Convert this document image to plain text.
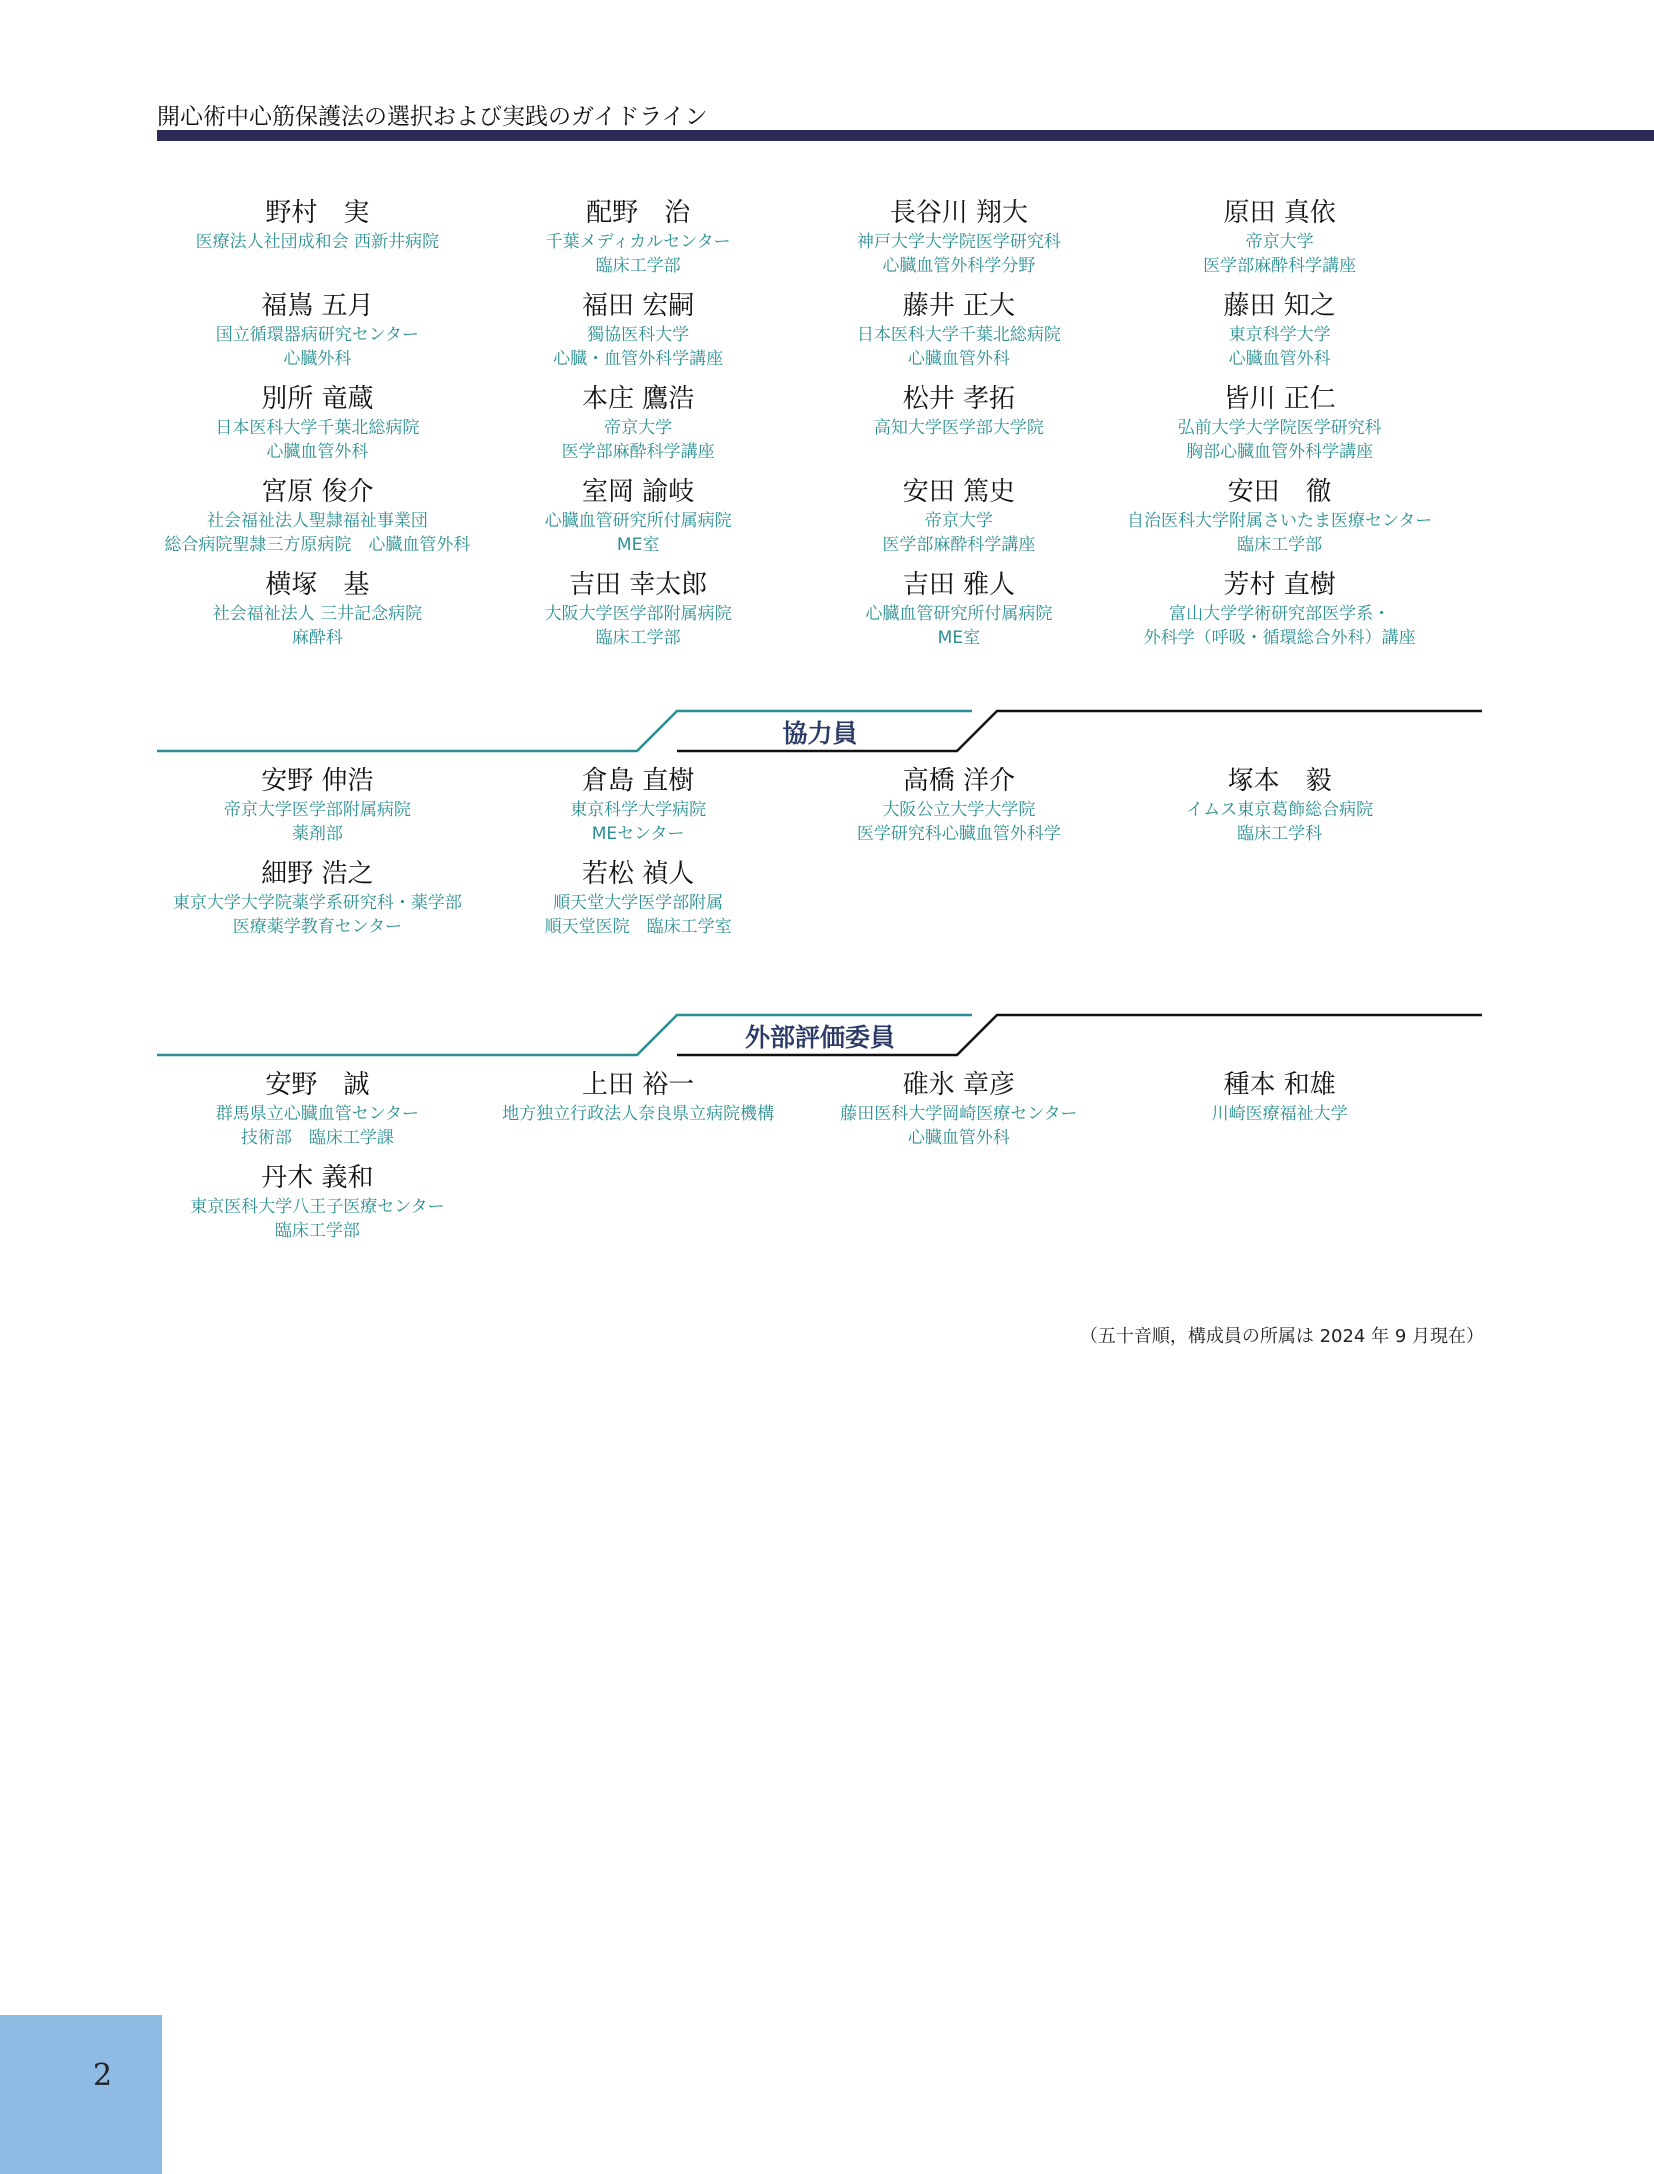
開心術中心筋保護法の選択および実践のガイドライン
野村　実
医療法人社団成和会 西新井病院
配野　治
千葉メディカルセンター
臨床工学部
長谷川 翔大
神戸大学大学院医学研究科
心臓血管外科学分野
原田 真依
帝京大学
医学部麻酔科学講座
福嶌 五月
国立循環器病研究センター
心臓外科
福田 宏嗣
獨協医科大学
心臓・血管外科学講座
藤井 正大
日本医科大学千葉北総病院
心臓血管外科
藤田 知之
東京科学大学
心臓血管外科
別所 竜蔵
日本医科大学千葉北総病院
心臓血管外科
本庄 鷹浩
帝京大学
医学部麻酔科学講座
松井 孝拓
高知大学医学部大学院
皆川 正仁
弘前大学大学院医学研究科
胸部心臓血管外科学講座
宮原 俊介
社会福祉法人聖隷福祉事業団
総合病院聖隷三方原病院　心臓血管外科
室岡 諭岐
心臓血管研究所付属病院
ME室
安田 篤史
帝京大学
医学部麻酔科学講座
安田　徹
自治医科大学附属さいたま医療センター
臨床工学部
横塚　基
社会福祉法人 三井記念病院
麻酔科
吉田 幸太郎
大阪大学医学部附属病院
臨床工学部
吉田 雅人
心臓血管研究所付属病院
ME室
芳村 直樹
富山大学学術研究部医学系・
外科学（呼吸・循環総合外科）講座
協力員
安野 伸浩
帝京大学医学部附属病院
薬剤部
倉島 直樹
東京科学大学病院
MEセンター
高橋 洋介
大阪公立大学大学院
医学研究科心臓血管外科学
塚本　毅
イムス東京葛飾総合病院
臨床工学科
細野 浩之
東京大学大学院薬学系研究科・薬学部
医療薬学教育センター
若松 禎人
順天堂大学医学部附属
順天堂医院　臨床工学室
外部評価委員
安野　誠
群馬県立心臓血管センター
技術部　臨床工学課
上田 裕一
地方独立行政法人奈良県立病院機構
碓氷 章彦
藤田医科大学岡崎医療センター
心臓血管外科
種本 和雄
川崎医療福祉大学
丹木 義和
東京医科大学八王子医療センター
臨床工学部
（五十音順，構成員の所属は 2024 年 9 月現在）
2
